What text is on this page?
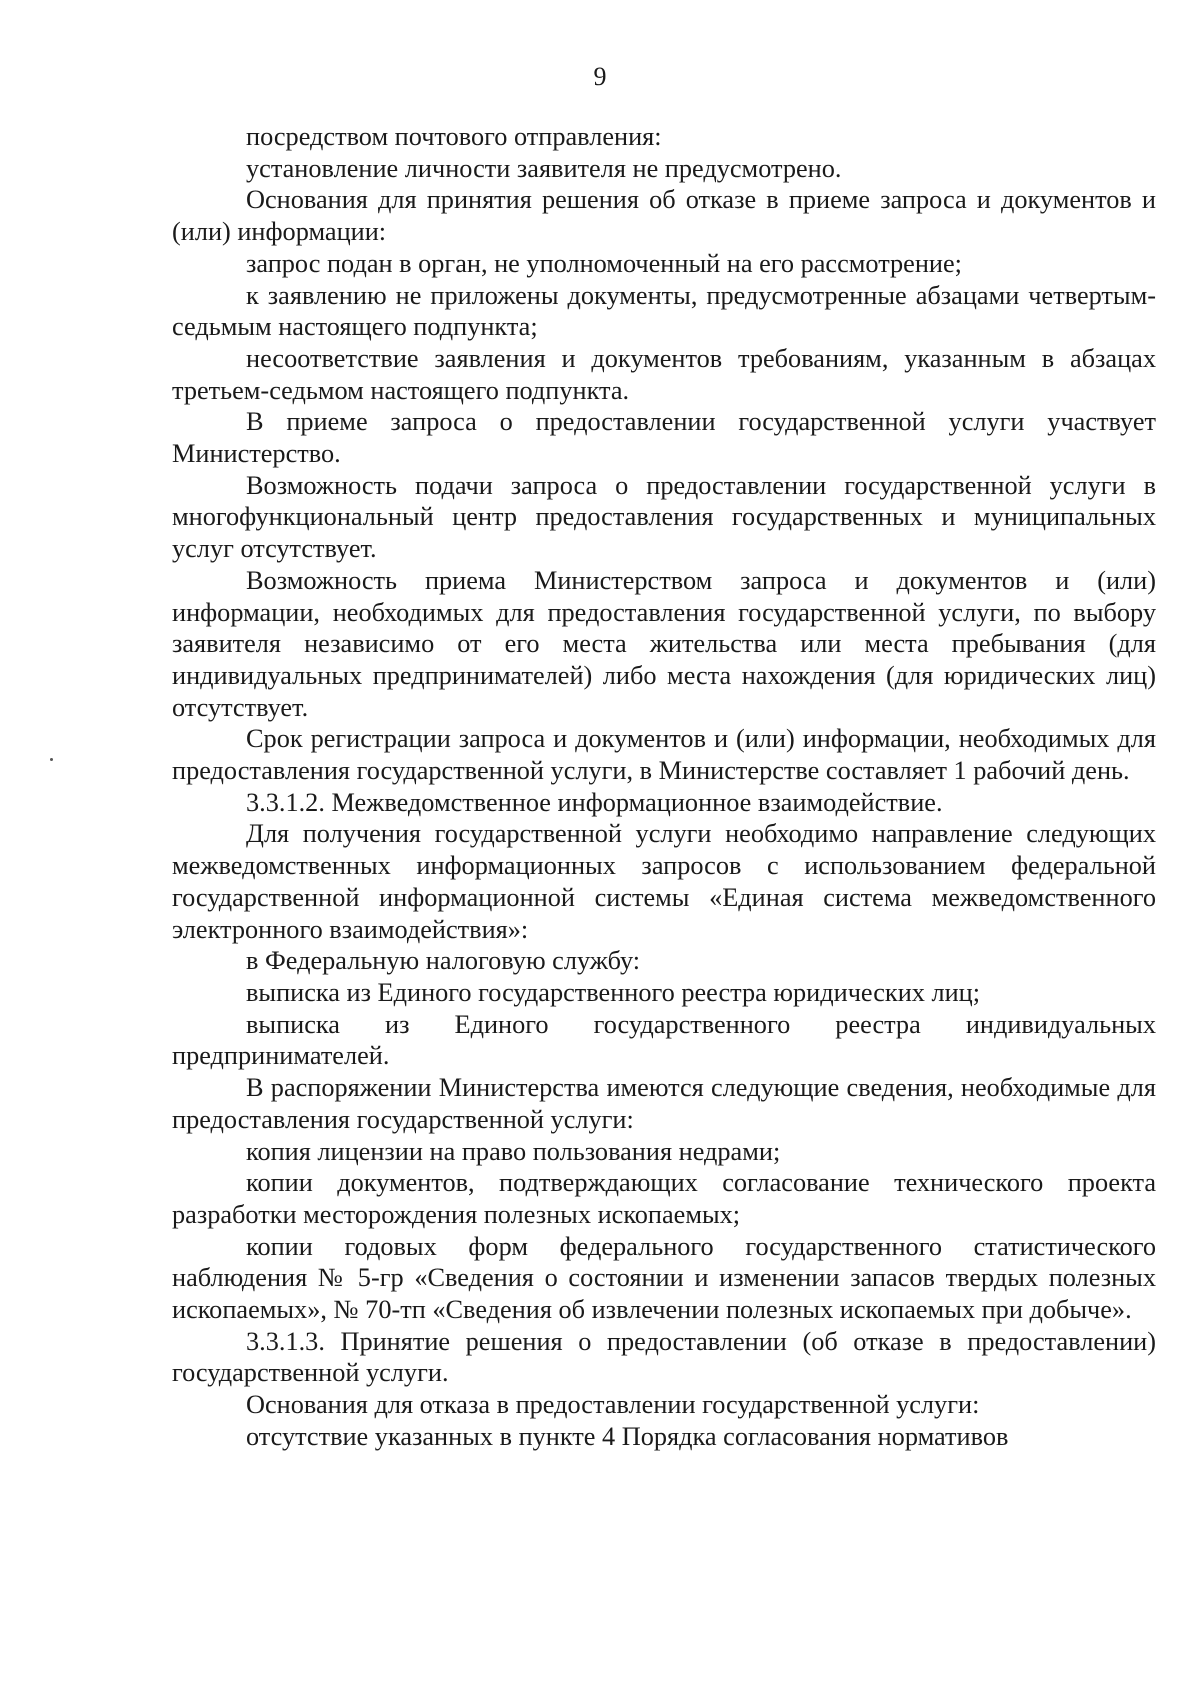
9

посредством почтового отправления:

установление личности заявителя не предусмотрено.

Основания для принятия решения об отказе в приеме запроса и документов и (или) информации:

запрос подан в орган, не уполномоченный на его рассмотрение;

к заявлению не приложены документы, предусмотренные абзацами четвертым-седьмым настоящего подпункта;

несоответствие заявления и документов требованиям, указанным в абзацах третьем-седьмом настоящего подпункта.

В приеме запроса о предоставлении государственной услуги участвует Министерство.

Возможность подачи запроса о предоставлении государственной услуги в многофункциональный центр предоставления государственных и муниципальных услуг отсутствует.

Возможность приема Министерством запроса и документов и (или) информации, необходимых для предоставления государственной услуги, по выбору заявителя независимо от его места жительства или места пребывания (для индивидуальных предпринимателей) либо места нахождения (для юридических лиц) отсутствует.

Срок регистрации запроса и документов и (или) информации, необходимых для предоставления государственной услуги, в Министерстве составляет 1 рабочий день.

3.3.1.2. Межведомственное информационное взаимодействие.

Для получения государственной услуги необходимо направление следующих межведомственных информационных запросов с использованием федеральной государственной информационной системы «Единая система межведомственного электронного взаимодействия»:

в Федеральную налоговую службу:

выписка из Единого государственного реестра юридических лиц;

выписка из Единого государственного реестра индивидуальных предпринимателей.

В распоряжении Министерства имеются следующие сведения, необходимые для предоставления государственной услуги:

копия лицензии на право пользования недрами;

копии документов, подтверждающих согласование технического проекта разработки месторождения полезных ископаемых;

копии годовых форм федерального государственного статистического наблюдения № 5-гр «Сведения о состоянии и изменении запасов твердых полезных ископаемых», № 70-тп «Сведения об извлечении полезных ископаемых при добыче».

3.3.1.3. Принятие решения о предоставлении (об отказе в предоставлении) государственной услуги.

Основания для отказа в предоставлении государственной услуги:

отсутствие указанных в пункте 4 Порядка согласования нормативов
